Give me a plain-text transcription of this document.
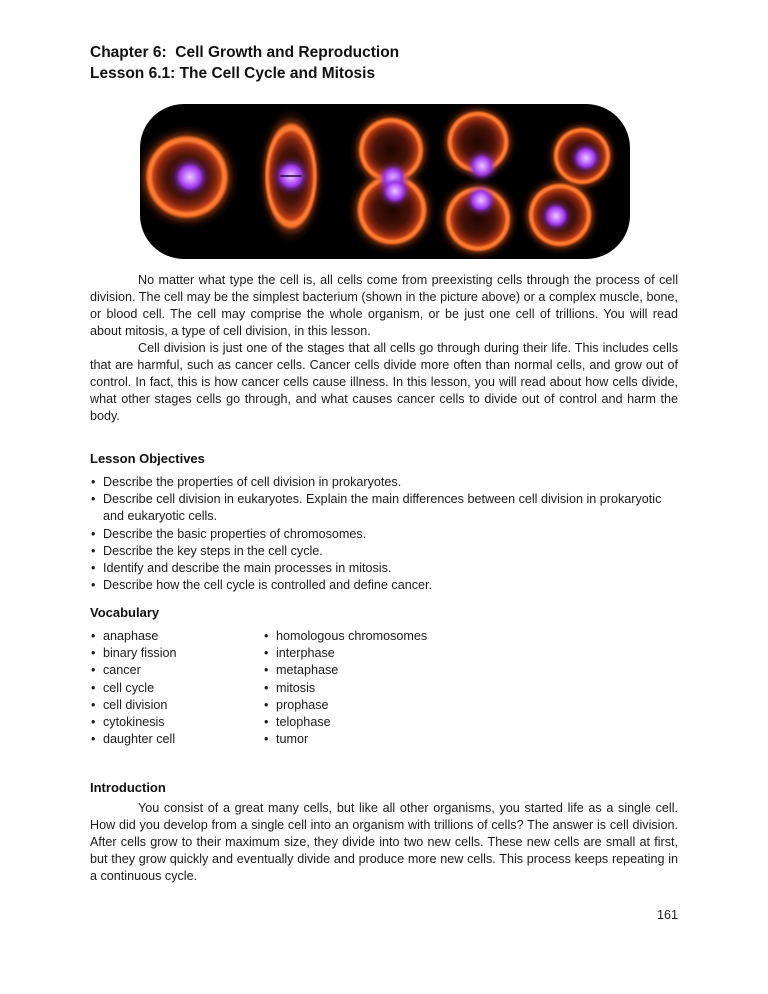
Chapter 6:  Cell Growth and Reproduction
Lesson 6.1: The Cell Cycle and Mitosis

No matter what type the cell is, all cells come from preexisting cells through the process of cell division. The cell may be the simplest bacterium (shown in the picture above) or a complex muscle, bone, or blood cell. The cell may comprise the whole organism, or be just one cell of trillions. You will read about mitosis, a type of cell division, in this lesson.

Cell division is just one of the stages that all cells go through during their life. This includes cells that are harmful, such as cancer cells. Cancer cells divide more often than normal cells, and grow out of control. In fact, this is how cancer cells cause illness. In this lesson, you will read about how cells divide, what other stages cells go through, and what causes cancer cells to divide out of control and harm the body.

Lesson Objectives
• Describe the properties of cell division in prokaryotes.
• Describe cell division in eukaryotes. Explain the main differences between cell division in prokaryotic and eukaryotic cells.
• Describe the basic properties of chromosomes.
• Describe the key steps in the cell cycle.
• Identify and describe the main processes in mitosis.
• Describe how the cell cycle is controlled and define cancer.
Vocabulary
• anaphase
• binary fission
• cancer
• cell cycle
• cell division
• cytokinesis
• daughter cell
• homologous chromosomes
• interphase
• metaphase
• mitosis
• prophase
• telophase
• tumor
Introduction

You consist of a great many cells, but like all other organisms, you started life as a single cell. How did you develop from a single cell into an organism with trillions of cells? The answer is cell division. After cells grow to their maximum size, they divide into two new cells. These new cells are small at first, but they grow quickly and eventually divide and produce more new cells. This process keeps repeating in a continuous cycle.

161
